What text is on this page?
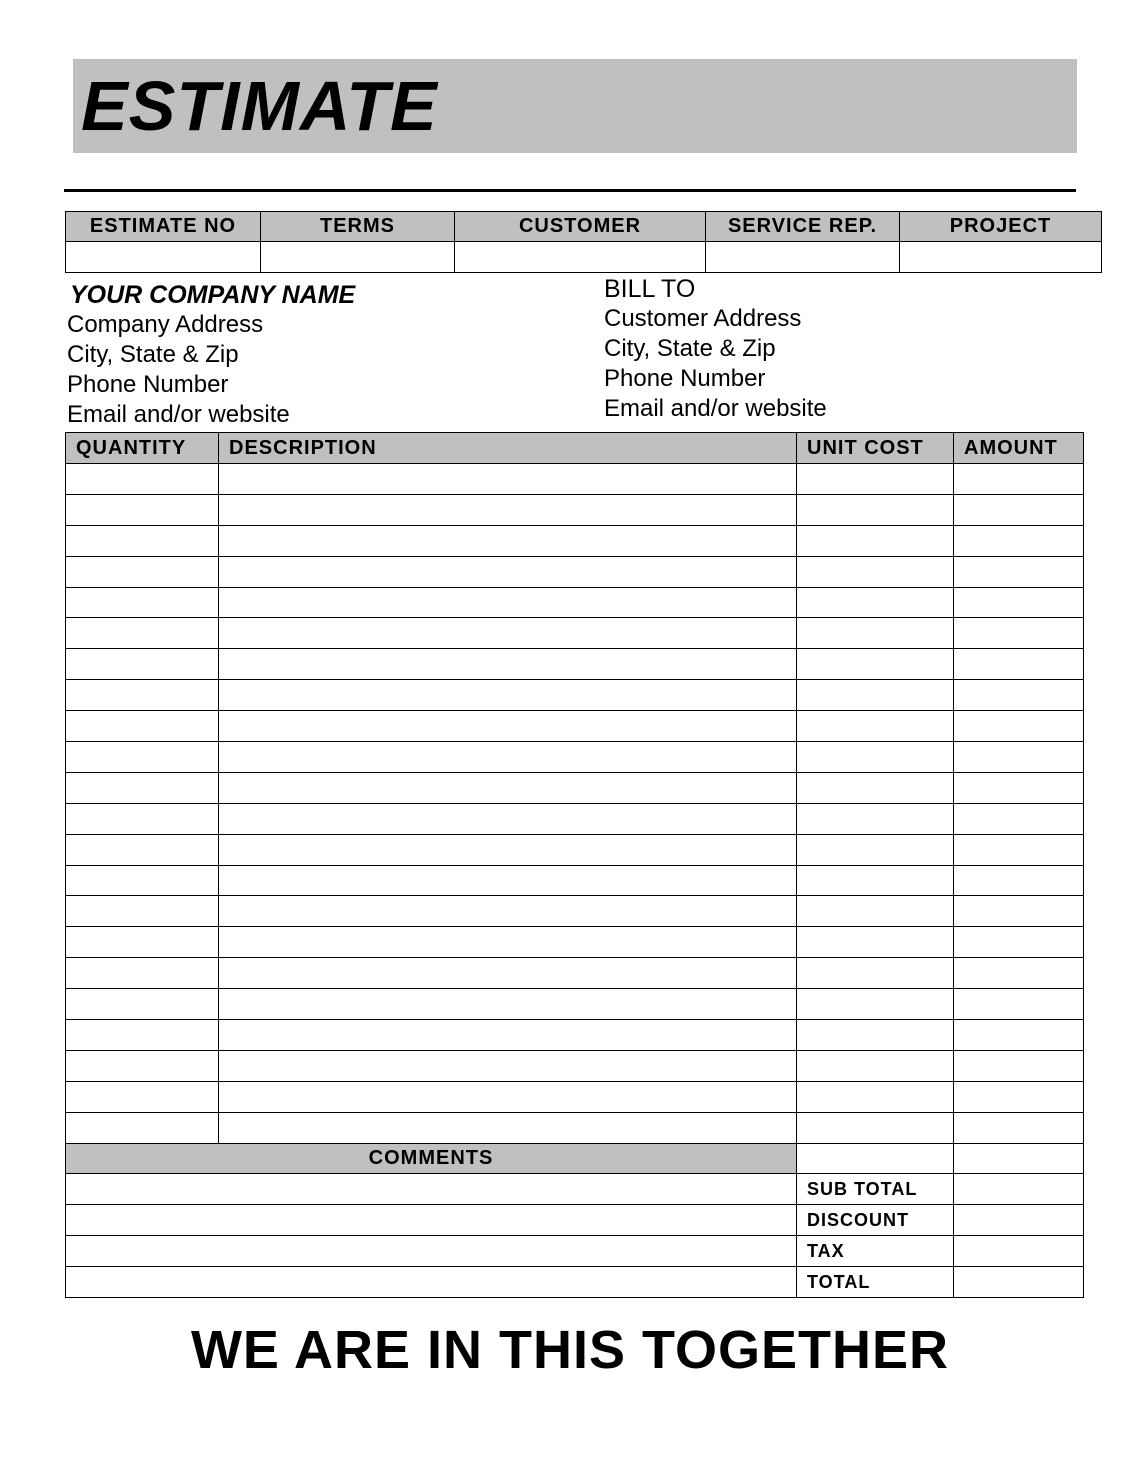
ESTIMATE
ESTIMATE NO	TERMS	CUSTOMER	SERVICE REP.	PROJECT

YOUR COMPANY NAME
Company Address
City, State & Zip
Phone Number
Email and/or website
BILL TO
Customer Address
City, State & Zip
Phone Number
Email and/or website
QUANTITY	DESCRIPTION	UNIT COST	AMOUNT

COMMENTS			
		SUB TOTAL	
		DISCOUNT	
		TAX	
		TOTAL	
WE ARE IN THIS TOGETHER
